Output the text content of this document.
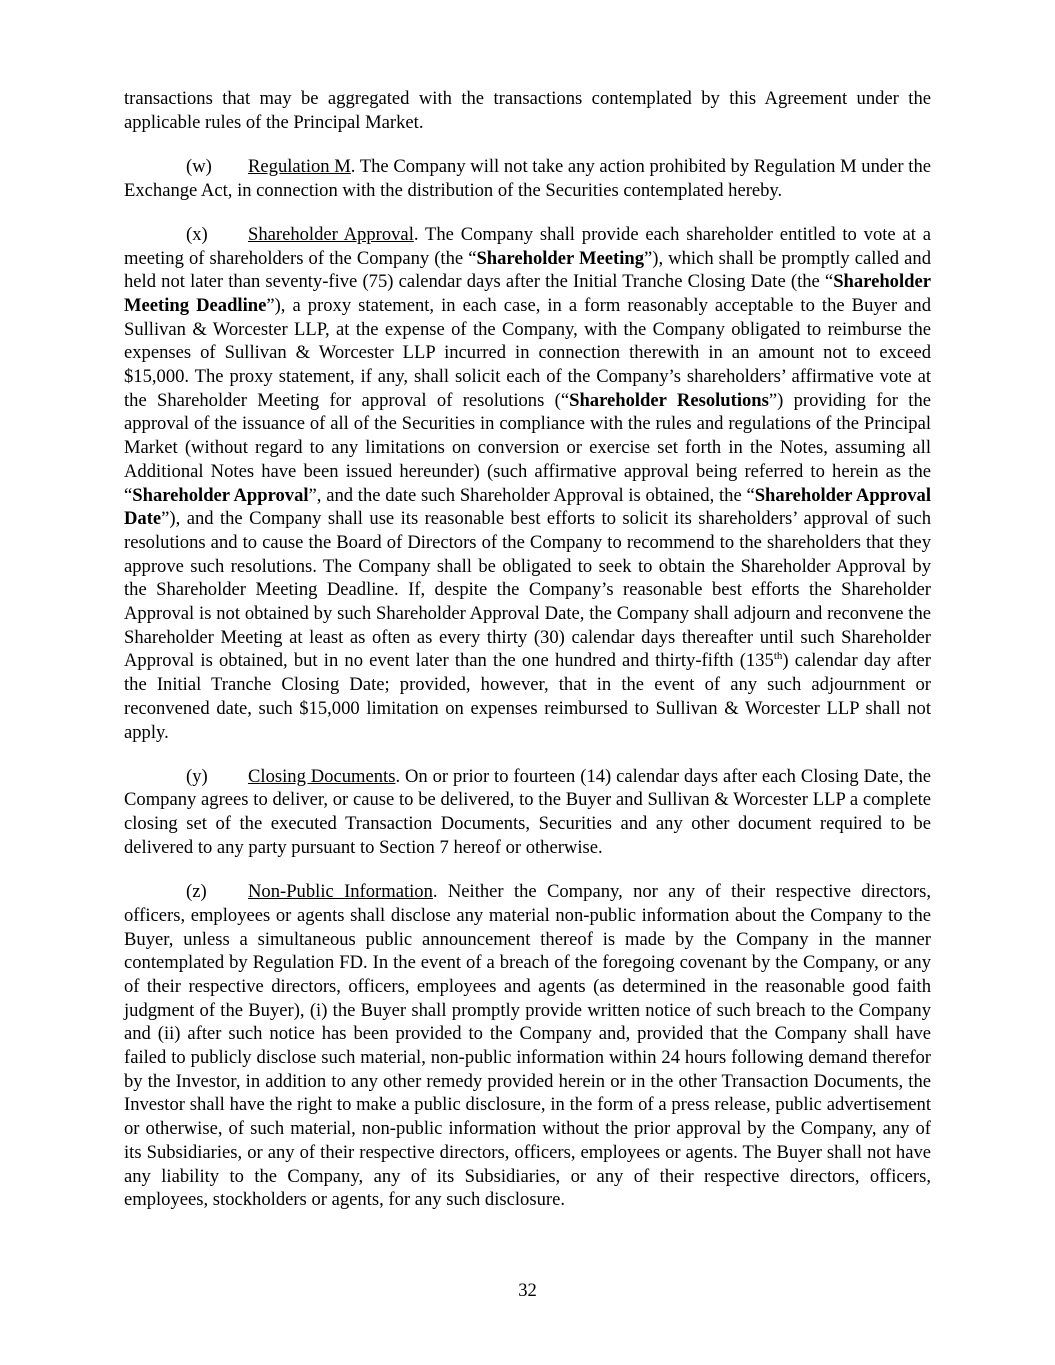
transactions that may be aggregated with the transactions contemplated by this Agreement under the applicable rules of the Principal Market.

(w) Regulation M. The Company will not take any action prohibited by Regulation M under the Exchange Act, in connection with the distribution of the Securities contemplated hereby.

(x) Shareholder Approval. The Company shall provide each shareholder entitled to vote at a meeting of shareholders of the Company (the “Shareholder Meeting”), which shall be promptly called and held not later than seventy-five (75) calendar days after the Initial Tranche Closing Date (the “Shareholder Meeting Deadline”), a proxy statement, in each case, in a form reasonably acceptable to the Buyer and Sullivan & Worcester LLP, at the expense of the Company, with the Company obligated to reimburse the expenses of Sullivan & Worcester LLP incurred in connection therewith in an amount not to exceed $15,000. The proxy statement, if any, shall solicit each of the Company’s shareholders’ affirmative vote at the Shareholder Meeting for approval of resolutions (“Shareholder Resolutions”) providing for the approval of the issuance of all of the Securities in compliance with the rules and regulations of the Principal Market (without regard to any limitations on conversion or exercise set forth in the Notes, assuming all Additional Notes have been issued hereunder) (such affirmative approval being referred to herein as the “Shareholder Approval”, and the date such Shareholder Approval is obtained, the “Shareholder Approval Date”), and the Company shall use its reasonable best efforts to solicit its shareholders’ approval of such resolutions and to cause the Board of Directors of the Company to recommend to the shareholders that they approve such resolutions. The Company shall be obligated to seek to obtain the Shareholder Approval by the Shareholder Meeting Deadline. If, despite the Company’s reasonable best efforts the Shareholder Approval is not obtained by such Shareholder Approval Date, the Company shall adjourn and reconvene the Shareholder Meeting at least as often as every thirty (30) calendar days thereafter until such Shareholder Approval is obtained, but in no event later than the one hundred and thirty-fifth (135th) calendar day after the Initial Tranche Closing Date; provided, however, that in the event of any such adjournment or reconvened date, such $15,000 limitation on expenses reimbursed to Sullivan & Worcester LLP shall not apply.

(y) Closing Documents. On or prior to fourteen (14) calendar days after each Closing Date, the Company agrees to deliver, or cause to be delivered, to the Buyer and Sullivan & Worcester LLP a complete closing set of the executed Transaction Documents, Securities and any other document required to be delivered to any party pursuant to Section 7 hereof or otherwise.

(z) Non-Public Information. Neither the Company, nor any of their respective directors, officers, employees or agents shall disclose any material non-public information about the Company to the Buyer, unless a simultaneous public announcement thereof is made by the Company in the manner contemplated by Regulation FD. In the event of a breach of the foregoing covenant by the Company, or any of their respective directors, officers, employees and agents (as determined in the reasonable good faith judgment of the Buyer), (i) the Buyer shall promptly provide written notice of such breach to the Company and (ii) after such notice has been provided to the Company and, provided that the Company shall have failed to publicly disclose such material, non-public information within 24 hours following demand therefor by the Investor, in addition to any other remedy provided herein or in the other Transaction Documents, the Investor shall have the right to make a public disclosure, in the form of a press release, public advertisement or otherwise, of such material, non-public information without the prior approval by the Company, any of its Subsidiaries, or any of their respective directors, officers, employees or agents. The Buyer shall not have any liability to the Company, any of its Subsidiaries, or any of their respective directors, officers, employees, stockholders or agents, for any such disclosure.

32
